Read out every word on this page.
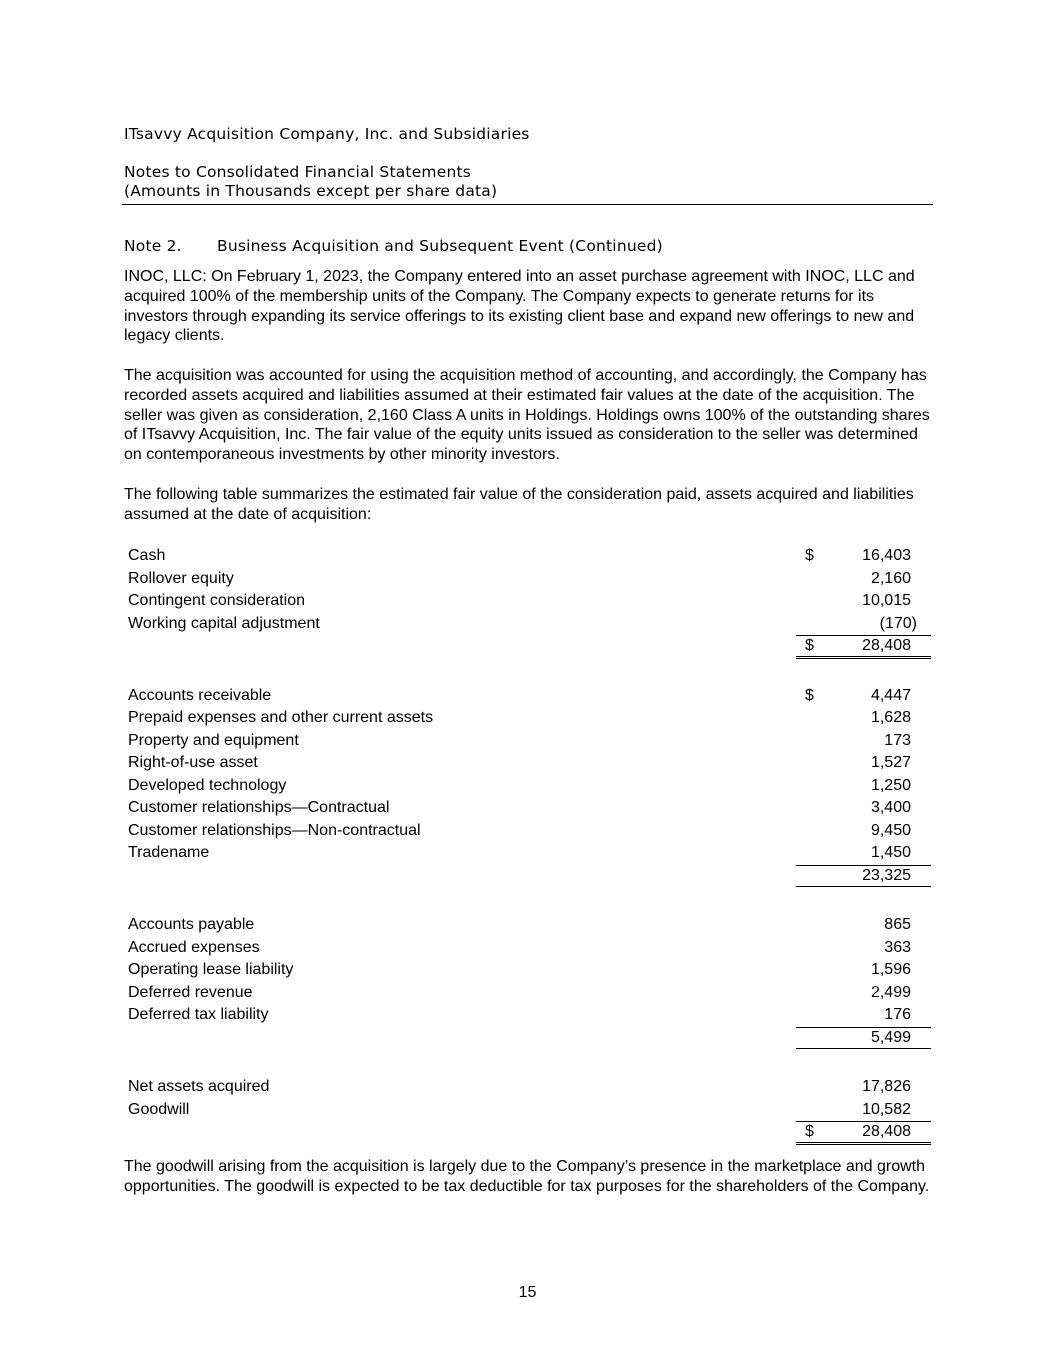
ITsavvy Acquisition Company, Inc. and Subsidiaries
Notes to Consolidated Financial Statements
(Amounts in Thousands except per share data)
Note 2. Business Acquisition and Subsequent Event (Continued)

INOC, LLC: On February 1, 2023, the Company entered into an asset purchase agreement with INOC, LLC and acquired 100% of the membership units of the Company. The Company expects to generate returns for its investors through expanding its service offerings to its existing client base and expand new offerings to new and legacy clients.

The acquisition was accounted for using the acquisition method of accounting, and accordingly, the Company has recorded assets acquired and liabilities assumed at their estimated fair values at the date of the acquisition. The seller was given as consideration, 2,160 Class A units in Holdings. Holdings owns 100% of the outstanding shares of ITsavvy Acquisition, Inc. The fair value of the equity units issued as consideration to the seller was determined on contemporaneous investments by other minority investors.

The following table summarizes the estimated fair value of the consideration paid, assets acquired and liabilities assumed at the date of acquisition:

Cash	$	16,403
Rollover equity	2,160
Contingent consideration	10,015
Working capital adjustment	(170)
$	28,408
Accounts receivable	$	4,447
Prepaid expenses and other current assets	1,628
Property and equipment	173
Right-of-use asset	1,527
Developed technology	1,250
Customer relationships—Contractual	3,400
Customer relationships—Non-contractual	9,450
Tradename	1,450
23,325
Accounts payable	865
Accrued expenses	363
Operating lease liability	1,596
Deferred revenue	2,499
Deferred tax liability	176
5,499
Net assets acquired	17,826
Goodwill	10,582
$	28,408

The goodwill arising from the acquisition is largely due to the Company’s presence in the marketplace and growth opportunities. The goodwill is expected to be tax deductible for tax purposes for the shareholders of the Company.

15
